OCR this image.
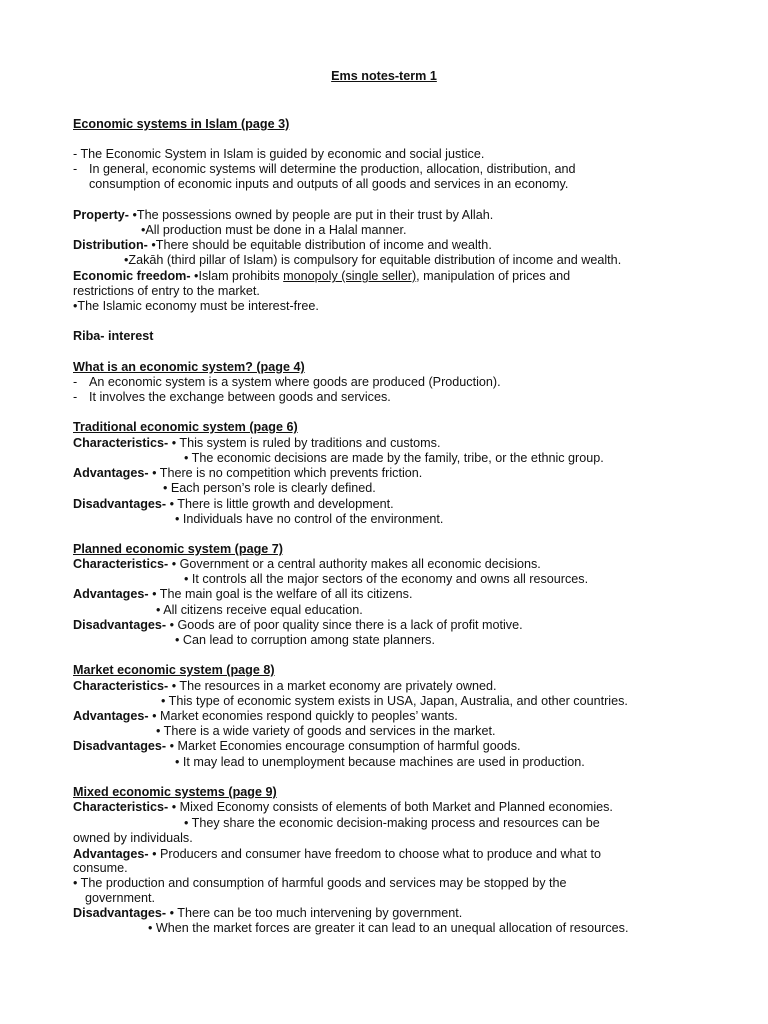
Ems notes-term 1
Economic systems in Islam (page 3)
- The Economic System in Islam is guided by economic and social justice.
- In general, economic systems will determine the production, allocation, distribution, and
consumption of economic inputs and outputs of all goods and services in an economy.
Property- •The possessions owned by people are put in their trust by Allah.
•All production must be done in a Halal manner.
Distribution- •There should be equitable distribution of income and wealth.
•Zakāh (third pillar of Islam) is compulsory for equitable distribution of income and wealth.
Economic freedom- •Islam prohibits monopoly (single seller), manipulation of prices and
restrictions of entry to the market.
•The Islamic economy must be interest-free.
Riba- interest
What is an economic system? (page 4)
- An economic system is a system where goods are produced (Production).
- It involves the exchange between goods and services.
Traditional economic system (page 6)
Characteristics- • This system is ruled by traditions and customs.
• The economic decisions are made by the family, tribe, or the ethnic group.
Advantages- • There is no competition which prevents friction.
• Each person’s role is clearly defined.
Disadvantages- • There is little growth and development.
• Individuals have no control of the environment.
Planned economic system (page 7)
Characteristics- • Government or a central authority makes all economic decisions.
• It controls all the major sectors of the economy and owns all resources.
Advantages- • The main goal is the welfare of all its citizens.
• All citizens receive equal education.
Disadvantages- • Goods are of poor quality since there is a lack of profit motive.
• Can lead to corruption among state planners.
Market economic system (page 8)
Characteristics- • The resources in a market economy are privately owned.
• This type of economic system exists in USA, Japan, Australia, and other countries.
Advantages- • Market economies respond quickly to peoples’ wants.
• There is a wide variety of goods and services in the market.
Disadvantages- • Market Economies encourage consumption of harmful goods.
• It may lead to unemployment because machines are used in production.
Mixed economic systems (page 9)
Characteristics- • Mixed Economy consists of elements of both Market and Planned economies.
• They share the economic decision-making process and resources can be
owned by individuals.
Advantages- • Producers and consumer have freedom to choose what to produce and what to
consume.
• The production and consumption of harmful goods and services may be stopped by the
government.
Disadvantages- • There can be too much intervening by government.
• When the market forces are greater it can lead to an unequal allocation of resources.
